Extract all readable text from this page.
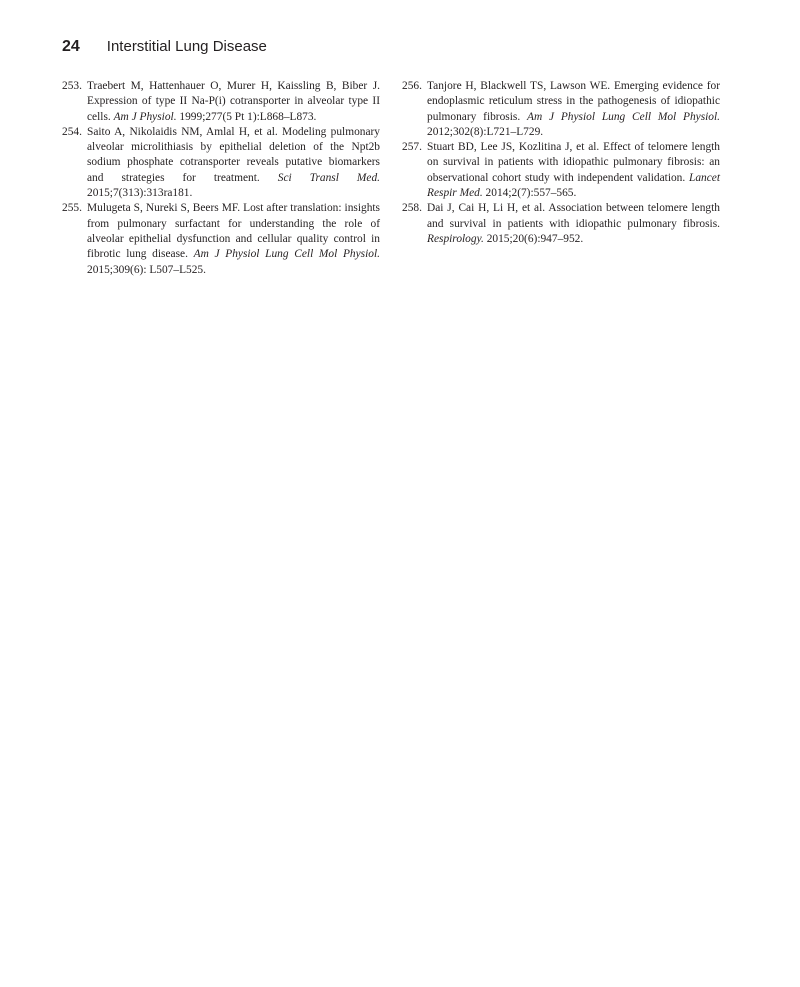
24 Interstitial Lung Disease
253. Traebert M, Hattenhauer O, Murer H, Kaissling B, Biber J. Expression of type II Na-P(i) cotransporter in alveolar type II cells. Am J Physiol. 1999;277(5 Pt 1):L868–L873.
254. Saito A, Nikolaidis NM, Amlal H, et al. Modeling pulmonary alveolar microlithiasis by epithelial deletion of the Npt2b sodium phosphate cotransporter reveals putative biomarkers and strategies for treatment. Sci Transl Med. 2015;7(313):313ra181.
255. Mulugeta S, Nureki S, Beers MF. Lost after translation: insights from pulmonary surfactant for understanding the role of alveolar epithelial dysfunction and cellular quality control in fibrotic lung disease. Am J Physiol Lung Cell Mol Physiol. 2015;309(6): L507–L525.
256. Tanjore H, Blackwell TS, Lawson WE. Emerging evidence for endoplasmic reticulum stress in the pathogenesis of idiopathic pulmonary fibrosis. Am J Physiol Lung Cell Mol Physiol. 2012;302(8):L721–L729.
257. Stuart BD, Lee JS, Kozlitina J, et al. Effect of telomere length on survival in patients with idiopathic pulmonary fibrosis: an observational cohort study with independent validation. Lancet Respir Med. 2014;2(7):557–565.
258. Dai J, Cai H, Li H, et al. Association between telomere length and survival in patients with idiopathic pulmonary fibrosis. Respirology. 2015;20(6):947–952.
